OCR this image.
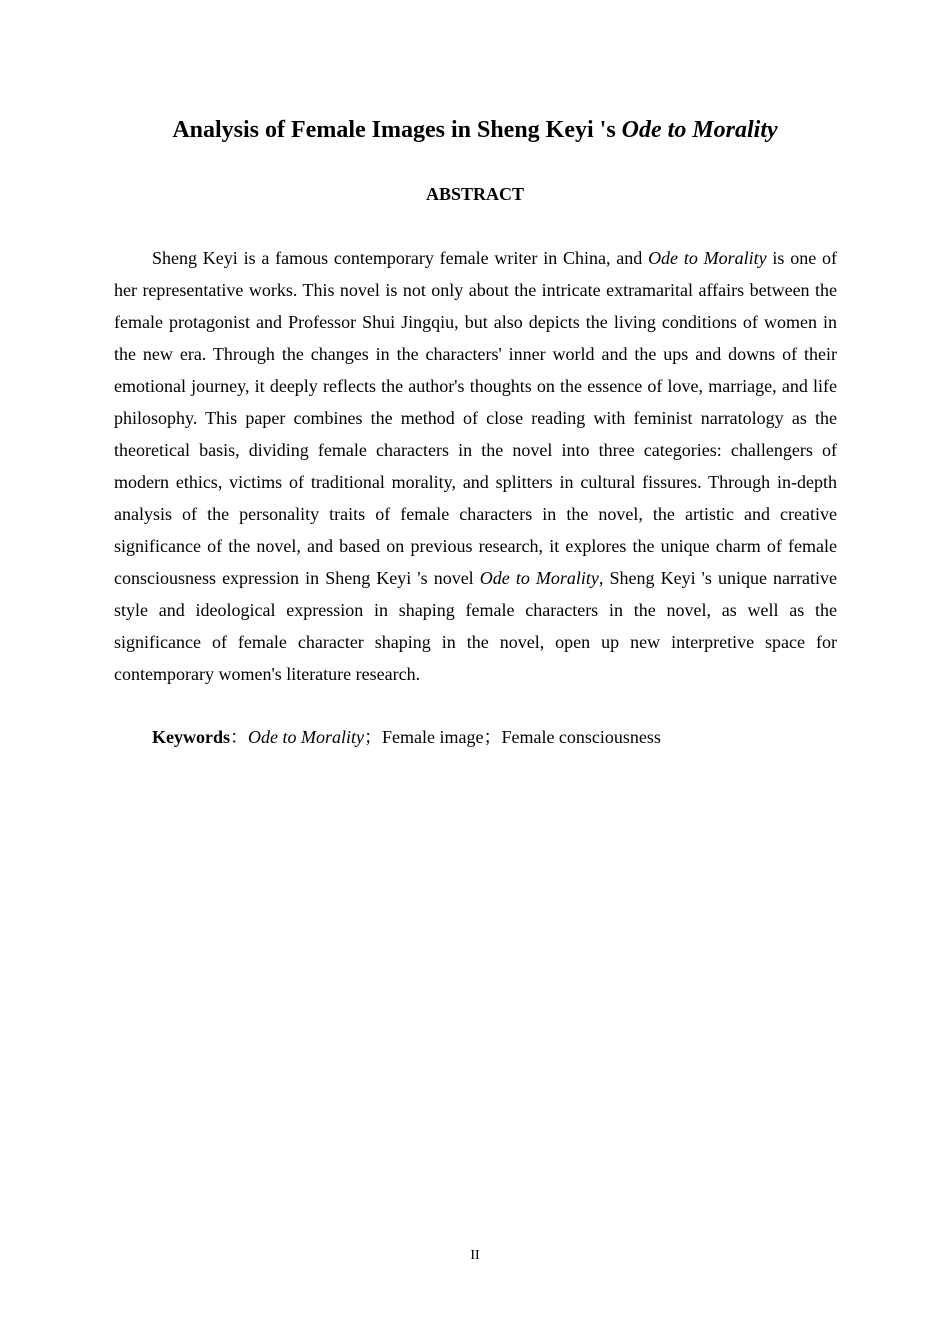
Analysis of Female Images in Sheng Keyi 's Ode to Morality
ABSTRACT

Sheng Keyi is a famous contemporary female writer in China, and Ode to Morality is one of her representative works. This novel is not only about the intricate extramarital affairs between the female protagonist and Professor Shui Jingqiu, but also depicts the living conditions of women in the new era. Through the changes in the characters' inner world and the ups and downs of their emotional journey, it deeply reflects the author's thoughts on the essence of love, marriage, and life philosophy. This paper combines the method of close reading with feminist narratology as the theoretical basis, dividing female characters in the novel into three categories: challengers of modern ethics, victims of traditional morality, and splitters in cultural fissures. Through in-depth analysis of the personality traits of female characters in the novel, the artistic and creative significance of the novel, and based on previous research, it explores the unique charm of female consciousness expression in Sheng Keyi 's novel Ode to Morality, Sheng Keyi 's unique narrative style and ideological expression in shaping female characters in the novel, as well as the significance of female character shaping in the novel, open up new interpretive space for contemporary women's literature research.

Keywords：Ode to Morality；Female image；Female consciousness

II
